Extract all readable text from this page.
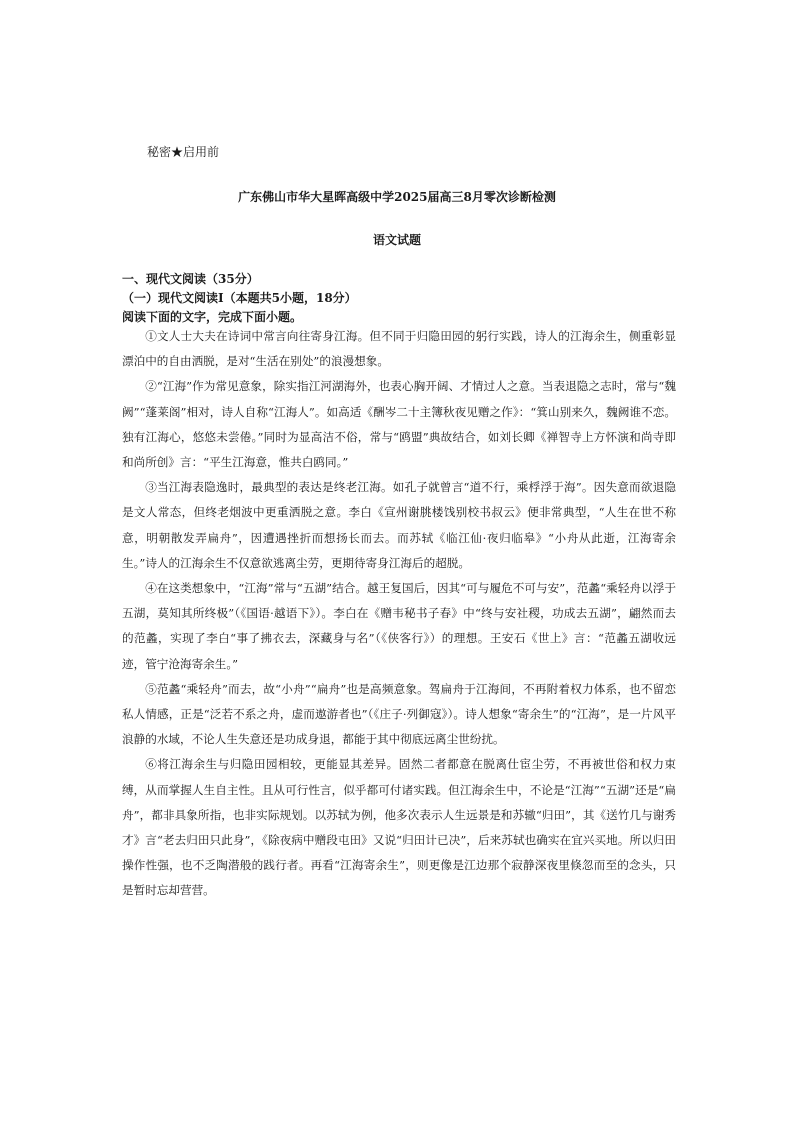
秘密★启用前
广东佛山市华大星晖高级中学2025届高三8月零次诊断检测
语文试题
一、现代文阅读（35分）
（一）现代文阅读Ⅰ（本题共5小题，18分）
阅读下面的文字，完成下面小题。

①文人士大夫在诗词中常言向往寄身江海。但不同于归隐田园的躬行实践，诗人的江海余生，侧重彰显漂泊中的自由洒脱，是对“生活在别处”的浪漫想象。

②“江海”作为常见意象，除实指江河湖海外，也表心胸开阔、才情过人之意。当表退隐之志时，常与“魏阙”“蓬莱阁”相对，诗人自称“江海人”。如高适《酬岑二十主簿秋夜见赠之作》：“箕山别来久，魏阙谁不恋。独有江海心，悠悠未尝倦。”同时为显高洁不俗，常与“鸥盟”典故结合，如刘长卿《禅智寺上方怀演和尚寺即和尚所创》言：“平生江海意，惟共白鸥同。”

③当江海表隐逸时，最典型的表达是终老江海。如孔子就曾言“道不行，乘桴浮于海”。因失意而欲退隐是文人常态，但终老烟波中更重洒脱之意。李白《宣州谢朓楼饯别校书叔云》便非常典型，“人生在世不称意，明朝散发弄扁舟”，因遭遇挫折而想扬长而去。而苏轼《临江仙·夜归临皋》“小舟从此逝，江海寄余生。”诗人的江海余生不仅意欲逃离尘劳，更期待寄身江海后的超脱。

④在这类想象中，“江海”常与“五湖”结合。越王复国后，因其“可与履危不可与安”，范蠡“乘轻舟以浮于五湖，莫知其所终极”（《国语·越语下》）。李白在《赠韦秘书子春》中“终与安社稷，功成去五湖”，翩然而去的范蠡，实现了李白“事了拂衣去，深藏身与名”（《侠客行》）的理想。王安石《世上》言：“范蠡五湖收远迹，管宁沧海寄余生。”

⑤范蠡“乘轻舟”而去，故“小舟”“扁舟”也是高频意象。驾扁舟于江海间，不再附着权力体系，也不留恋私人情感，正是“泛若不系之舟，虚而遨游者也”（《庄子·列御寇》）。诗人想象“寄余生”的“江海”，是一片风平浪静的水域，不论人生失意还是功成身退，都能于其中彻底远离尘世纷扰。

⑥将江海余生与归隐田园相较，更能显其差异。固然二者都意在脱离仕宦尘劳，不再被世俗和权力束缚，从而掌握人生自主性。且从可行性言，似乎都可付诸实践。但江海余生中，不论是“江海”“五湖”还是“扁舟”，都非具象所指，也非实际规划。以苏轼为例，他多次表示人生远景是和苏辙“归田”，其《送竹几与谢秀才》言“老去归田只此身”，《除夜病中赠段屯田》又说“归田计已决”，后来苏轼也确实在宜兴买地。所以归田操作性强，也不乏陶潜般的践行者。再看“江海寄余生”，则更像是江边那个寂静深夜里倏忽而至的念头，只是暂时忘却营营。
